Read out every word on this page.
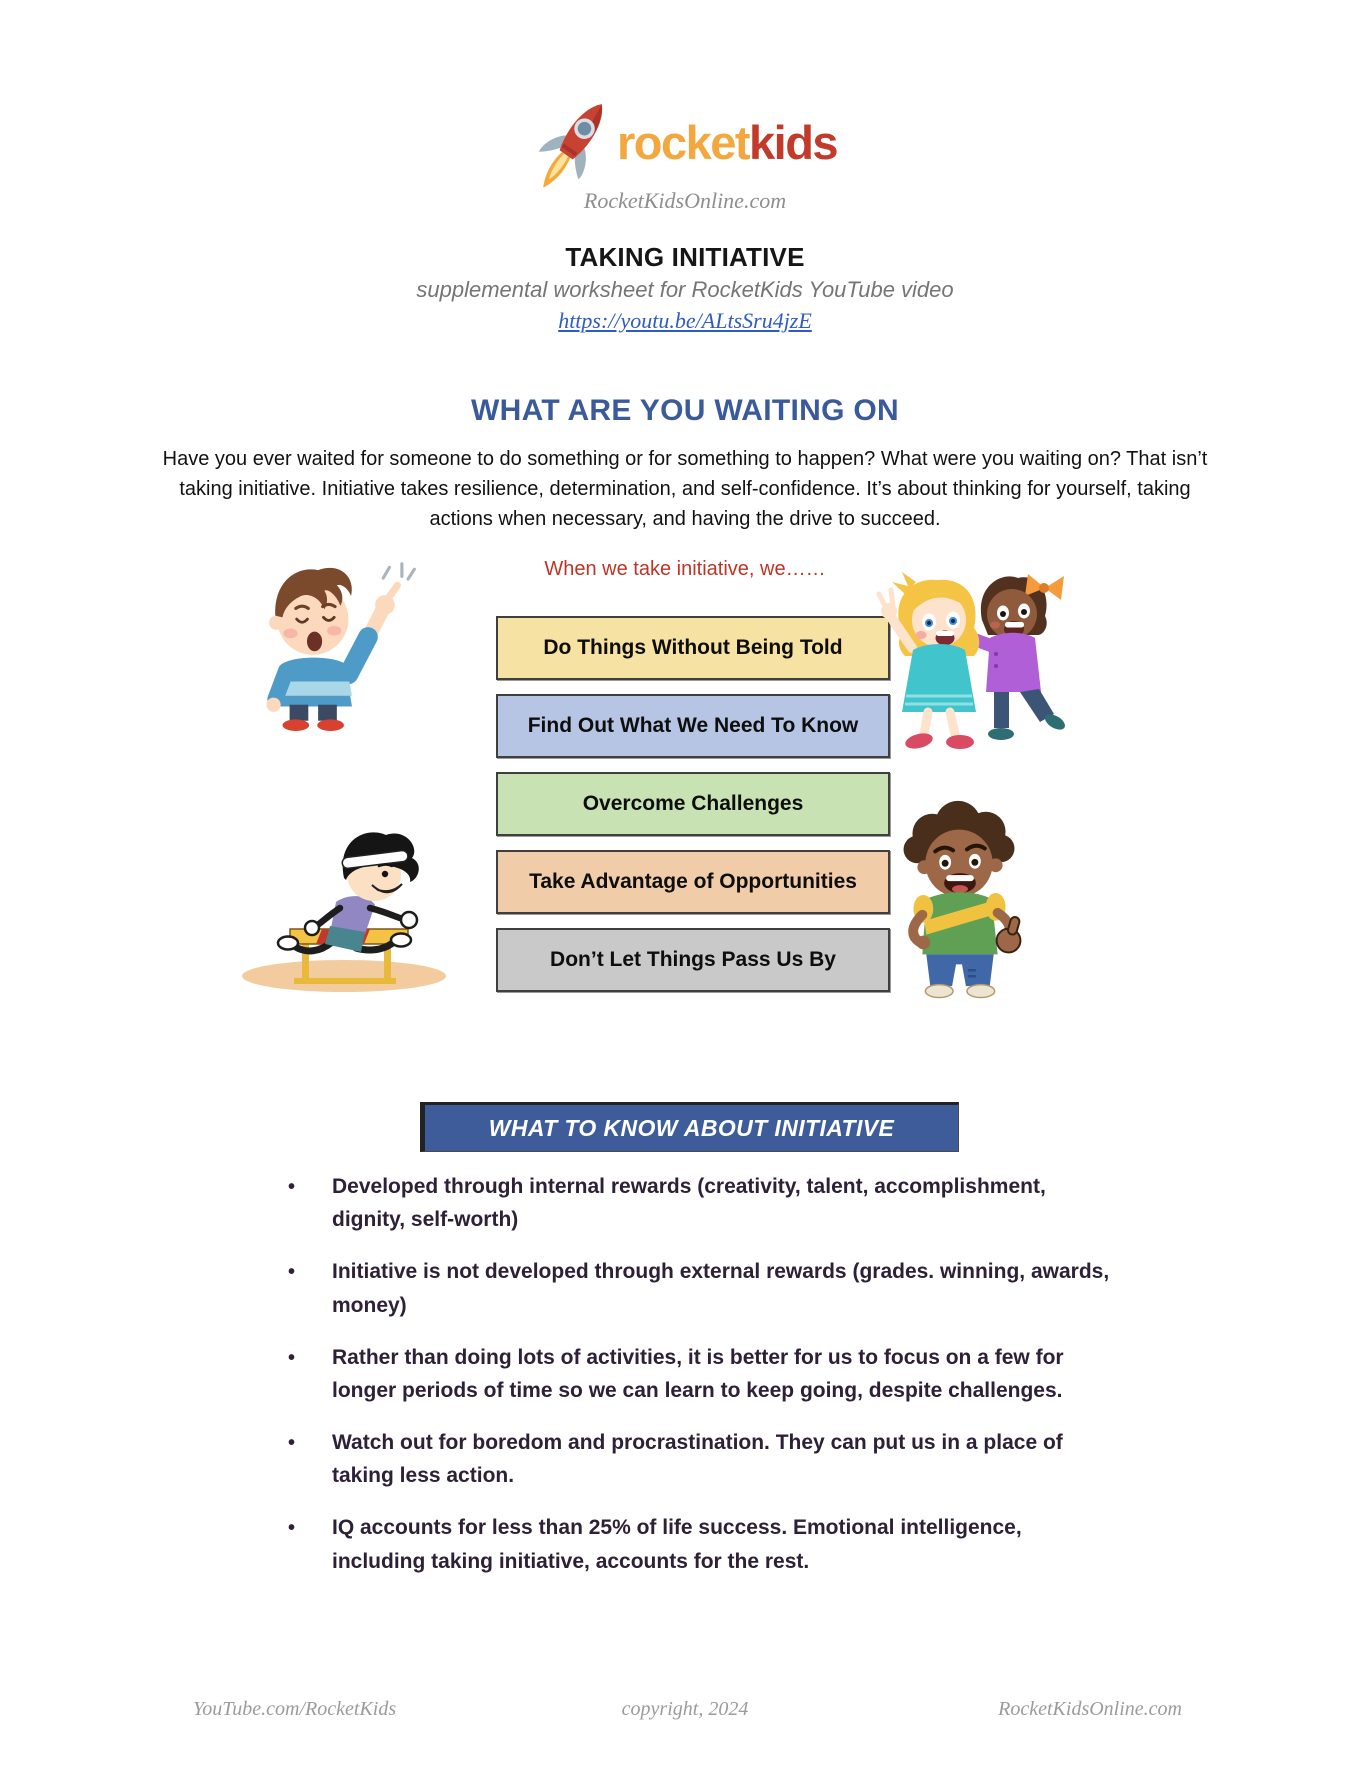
rocketkids
RocketKidsOnline.com
TAKING INITIATIVE
supplemental worksheet for RocketKids YouTube video
https://youtu.be/ALtsSru4jzE
WHAT ARE YOU WAITING ON
Have you ever waited for someone to do something or for something to happen? What were you waiting on? That isn’t taking initiative. Initiative takes resilience, determination, and self-confidence. It’s about thinking for yourself, taking actions when necessary, and having the drive to succeed.
When we take initiative, we……
Do Things Without Being Told
Find Out What We Need To Know
Overcome Challenges
Take Advantage of Opportunities
Don’t Let Things Pass Us By
WHAT TO KNOW ABOUT INITIATIVE
•	Developed through internal rewards (creativity, talent, accomplishment, dignity, self-worth)
•	Initiative is not developed through external rewards (grades. winning, awards, money)
•	Rather than doing lots of activities, it is better for us to focus on a few for longer periods of time so we can learn to keep going, despite challenges.
•	Watch out for boredom and procrastination. They can put us in a place of taking less action.
•	IQ accounts for less than 25% of life success. Emotional intelligence, including taking initiative, accounts for the rest.
YouTube.com/RocketKids	copyright, 2024	RocketKidsOnline.com
